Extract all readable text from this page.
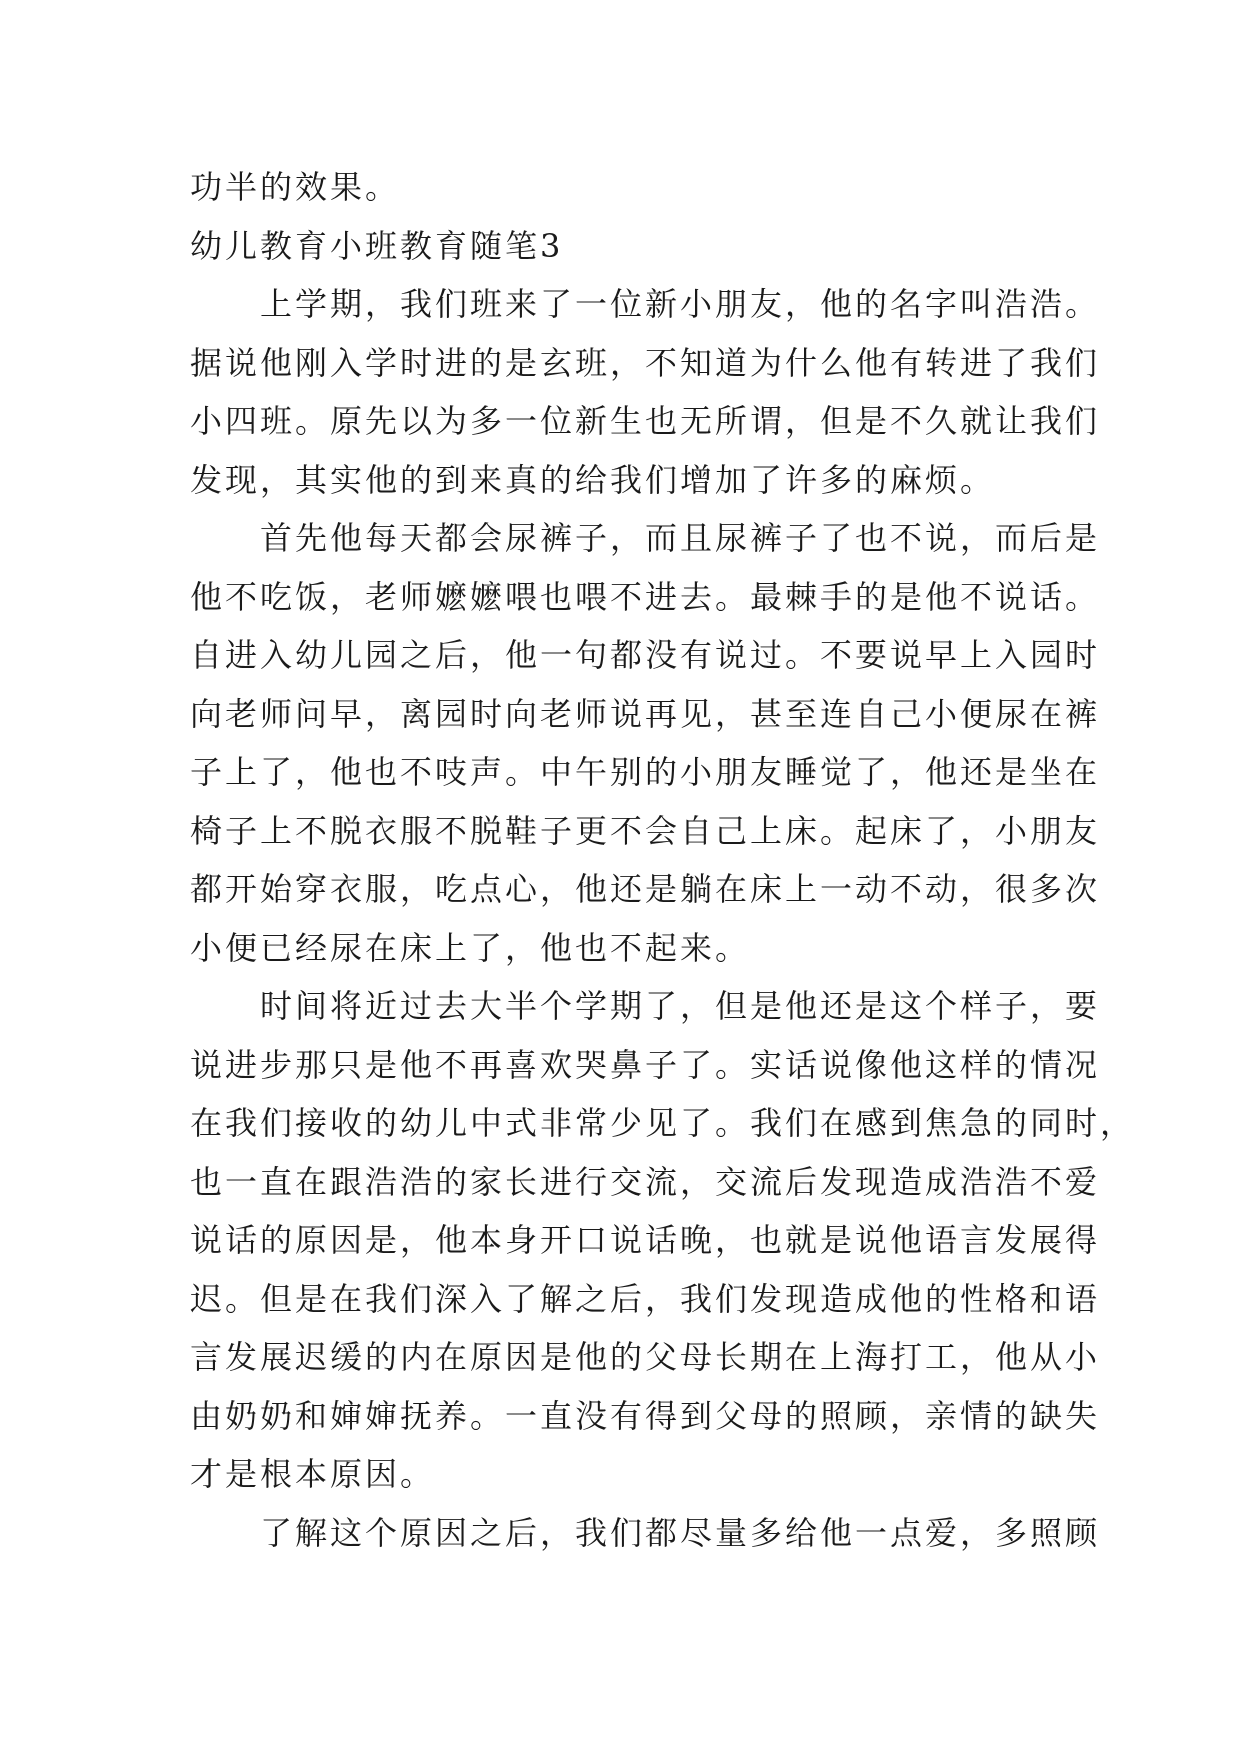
功半的效果。
幼儿教育小班教育随笔3
　　上学期，我们班来了一位新小朋友，他的名字叫浩浩。
据说他刚入学时进的是玄班，不知道为什么他有转进了我们
小四班。原先以为多一位新生也无所谓，但是不久就让我们
发现，其实他的到来真的给我们增加了许多的麻烦。
　　首先他每天都会尿裤子，而且尿裤子了也不说，而后是
他不吃饭，老师嬷嬷喂也喂不进去。最棘手的是他不说话。
自进入幼儿园之后，他一句都没有说过。不要说早上入园时
向老师问早，离园时向老师说再见，甚至连自己小便尿在裤
子上了，他也不吱声。中午别的小朋友睡觉了，他还是坐在
椅子上不脱衣服不脱鞋子更不会自己上床。起床了，小朋友
都开始穿衣服，吃点心，他还是躺在床上一动不动，很多次
小便已经尿在床上了，他也不起来。
　　时间将近过去大半个学期了，但是他还是这个样子，要
说进步那只是他不再喜欢哭鼻子了。实话说像他这样的情况
在我们接收的幼儿中式非常少见了。我们在感到焦急的同时，
也一直在跟浩浩的家长进行交流，交流后发现造成浩浩不爱
说话的原因是，他本身开口说话晚，也就是说他语言发展得
迟。但是在我们深入了解之后，我们发现造成他的性格和语
言发展迟缓的内在原因是他的父母长期在上海打工，他从小
由奶奶和婶婶抚养。一直没有得到父母的照顾，亲情的缺失
才是根本原因。
　　了解这个原因之后，我们都尽量多给他一点爱，多照顾
